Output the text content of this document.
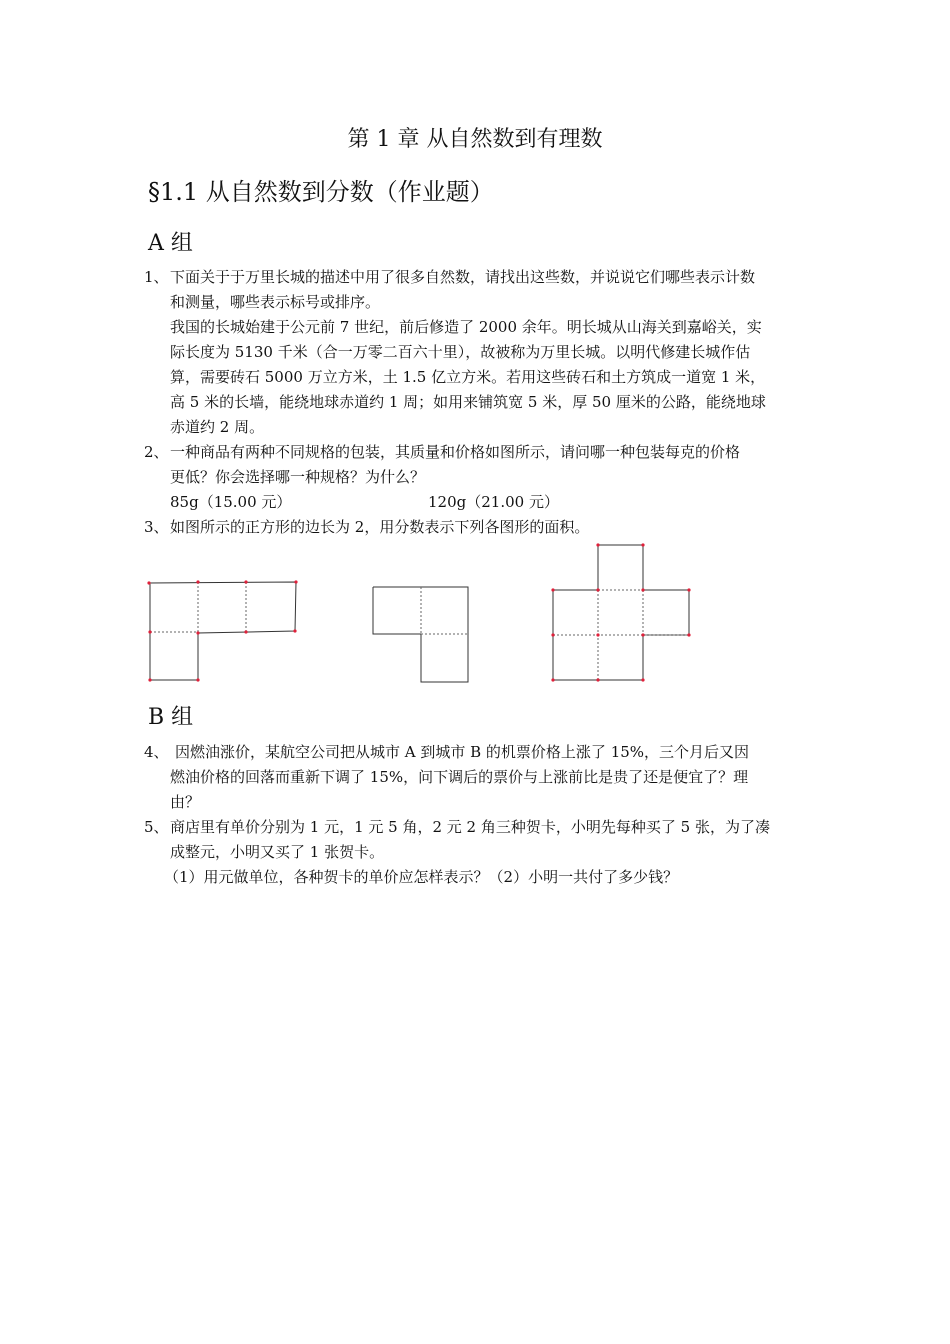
第 1 章 从自然数到有理数
§1.1 从自然数到分数（作业题）
A 组
1、 下面关于于万里长城的描述中用了很多自然数，请找出这些数，并说说它们哪些表示计数
和测量，哪些表示标号或排序。
我国的长城始建于公元前 7 世纪，前后修造了 2000 余年。明长城从山海关到嘉峪关，实
际长度为 5130 千米（合一万零二百六十里），故被称为万里长城。以明代修建长城作估
算，需要砖石 5000 万立方米，土 1.5 亿立方米。若用这些砖石和土方筑成一道宽 1 米，
高 5 米的长墙，能绕地球赤道约 1 周；如用来铺筑宽 5 米，厚 50 厘米的公路，能绕地球
赤道约 2 周。
2、 一种商品有两种不同规格的包装，其质量和价格如图所示，请问哪一种包装每克的价格
更低？你会选择哪一种规格？为什么？
85g（15.00 元）	120g（21.00 元）
3、 如图所示的正方形的边长为 2，用分数表示下列各图形的面积。
B 组
4、 因燃油涨价，某航空公司把从城市 A 到城市 B 的机票价格上涨了 15%，三个月后又因
燃油价格的回落而重新下调了 15%，问下调后的票价与上涨前比是贵了还是便宜了？理
由？
5、 商店里有单价分别为 1 元，1 元 5 角，2 元 2 角三种贺卡，小明先每种买了 5 张，为了凑
成整元，小明又买了 1 张贺卡。
（1）用元做单位，各种贺卡的单价应怎样表示？（2）小明一共付了多少钱？
